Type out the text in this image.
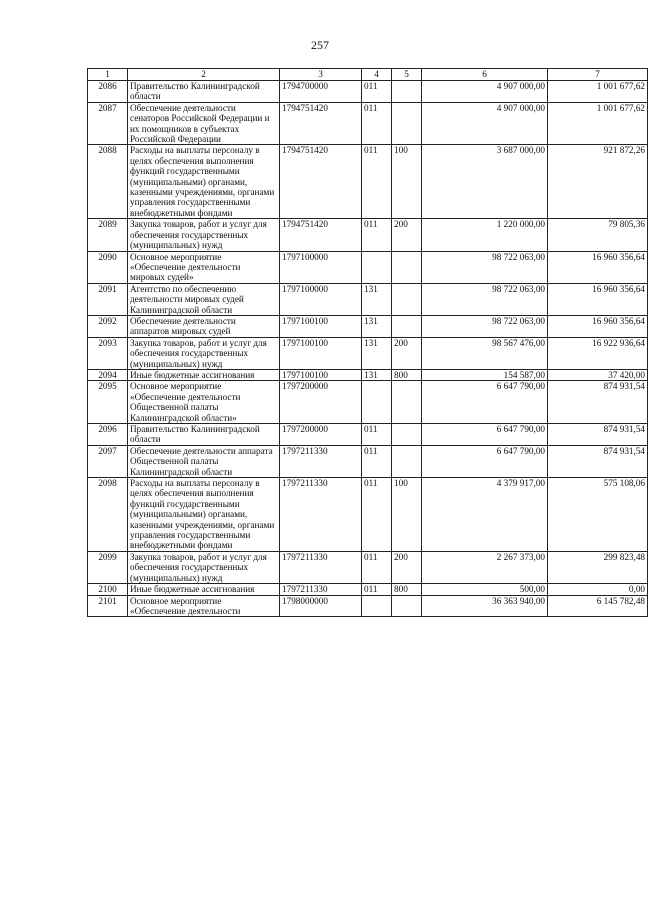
257
1	2	3	4	5	6	7
2086	Правительство Калининградской области	1794700000	011		4 907 000,00	1 001 677,62
2087	Обеспечение деятельности сенаторов Российской Федерации и их помощников в субъектах Российской Федерации	1794751420	011		4 907 000,00	1 001 677,62
2088	Расходы на выплаты персоналу в целях обеспечения выполнения функций государственными (муниципальными) органами, казенными учреждениями, органами управления государственными внебюджетными фондами	1794751420	011	100	3 687 000,00	921 872,26
2089	Закупка товаров, работ и услуг для обеспечения государственных (муниципальных) нужд	1794751420	011	200	1 220 000,00	79 805,36
2090	Основное мероприятие «Обеспечение деятельности мировых судей»	1797100000			98 722 063,00	16 960 356,64
2091	Агентство по обеспечению деятельности мировых судей Калининградской области	1797100000	131		98 722 063,00	16 960 356,64
2092	Обеспечение деятельности аппаратов мировых судей	1797100100	131		98 722 063,00	16 960 356,64
2093	Закупка товаров, работ и услуг для обеспечения государственных (муниципальных) нужд	1797100100	131	200	98 567 476,00	16 922 936,64
2094	Иные бюджетные ассигнования	1797100100	131	800	154 587,00	37 420,00
2095	Основное мероприятие «Обеспечение деятельности Общественной палаты Калининградской области»	1797200000			6 647 790,00	874 931,54
2096	Правительство Калининградской области	1797200000	011		6 647 790,00	874 931,54
2097	Обеспечение деятельности аппарата Общественной палаты Калининградской области	1797211330	011		6 647 790,00	874 931,54
2098	Расходы на выплаты персоналу в целях обеспечения выполнения функций государственными (муниципальными) органами, казенными учреждениями, органами управления государственными внебюджетными фондами	1797211330	011	100	4 379 917,00	575 108,06
2099	Закупка товаров, работ и услуг для обеспечения государственных (муниципальных) нужд	1797211330	011	200	2 267 373,00	299 823,48
2100	Иные бюджетные ассигнования	1797211330	011	800	500,00	0,00
2101	Основное мероприятие «Обеспечение деятельности	1798000000			36 363 940,00	6 145 782,48
